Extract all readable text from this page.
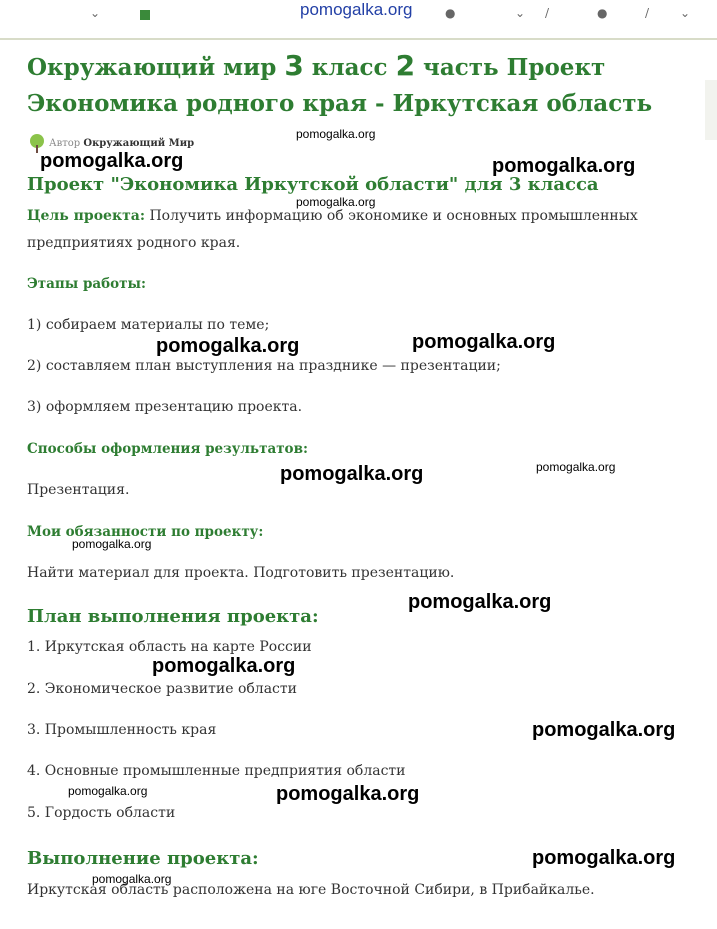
⌄	●	⌄ /	●	/	⌄
pomogalka.org
Окружающий мир 3 класс 2 часть Проект
Экономика родного края - Иркутская область
Автор Окружающий Мир
Проект "Экономика Иркутской области" для 3 класса

Цель проекта: Получить информацию об экономике и основных промышленных предприятиях родного края.

Этапы работы:

1) собираем материалы по теме;

2) составляем план выступления на празднике — презентации;

3) оформляем презентацию проекта.

Способы оформления результатов:

Презентация.

Мои обязанности по проекту:

Найти материал для проекта. Подготовить презентацию.

План выполнения проекта:

1. Иркутская область на карте России

2. Экономическое развитие области

3. Промышленность края

4. Основные промышленные предприятия области

5. Гордость области

Выполнение проекта:

Иркутская область расположена на юге Восточной Сибири, в Прибайкалье.

pomogalka.org
pomogalka.org
pomogalka.org
pomogalka.org
pomogalka.org	pomogalka.org
pomogalka.org	pomogalka.org
pomogalka.org
pomogalka.org
pomogalka.org
pomogalka.org
pomogalka.org	pomogalka.org
pomogalka.org
pomogalka.org
